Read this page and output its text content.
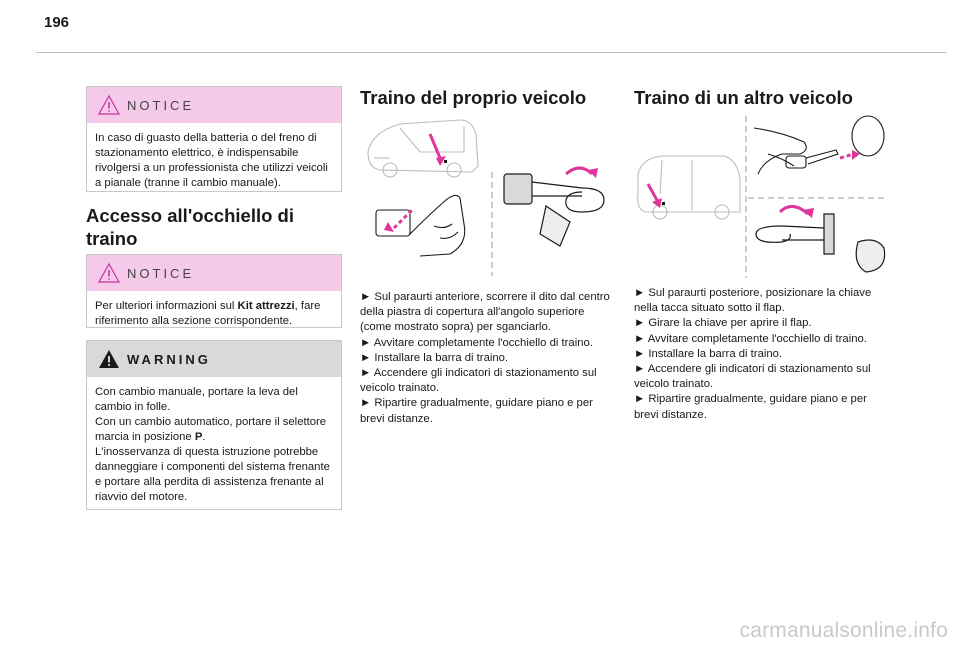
196
NOTICE

In caso di guasto della batteria o del freno di stazionamento elettrico, è indispensabile rivolgersi a un professionista che utilizzi veicoli a pianale (tranne il cambio manuale).

Accesso all'occhiello di traino
NOTICE

Per ulteriori informazioni sul Kit attrezzi, fare riferimento alla sezione corrispondente.

WARNING

Con cambio manuale, portare la leva del cambio in folle.

Con un cambio automatico, portare il selettore marcia in posizione P.

L'inosservanza di questa istruzione potrebbe danneggiare i componenti del sistema frenante e portare alla perdita di assistenza frenante al riavvio del motore.

Traino del proprio veicolo

► Sul paraurti anteriore, scorrere il dito dal centro della piastra di copertura all'angolo superiore (come mostrato sopra) per sganciarlo.

► Avvitare completamente l'occhiello di traino.

► Installare la barra di traino.

► Accendere gli indicatori di stazionamento sul veicolo trainato.

► Ripartire gradualmente, guidare piano e per brevi distanze.

Traino di un altro veicolo

► Sul paraurti posteriore, posizionare la chiave nella tacca situato sotto il flap.

► Girare la chiave per aprire il flap.

► Avvitare completamente l'occhiello di traino.

► Installare la barra di traino.

► Accendere gli indicatori di stazionamento sul veicolo trainato.

► Ripartire gradualmente, guidare piano e per brevi distanze.

carmanualsonline.info
